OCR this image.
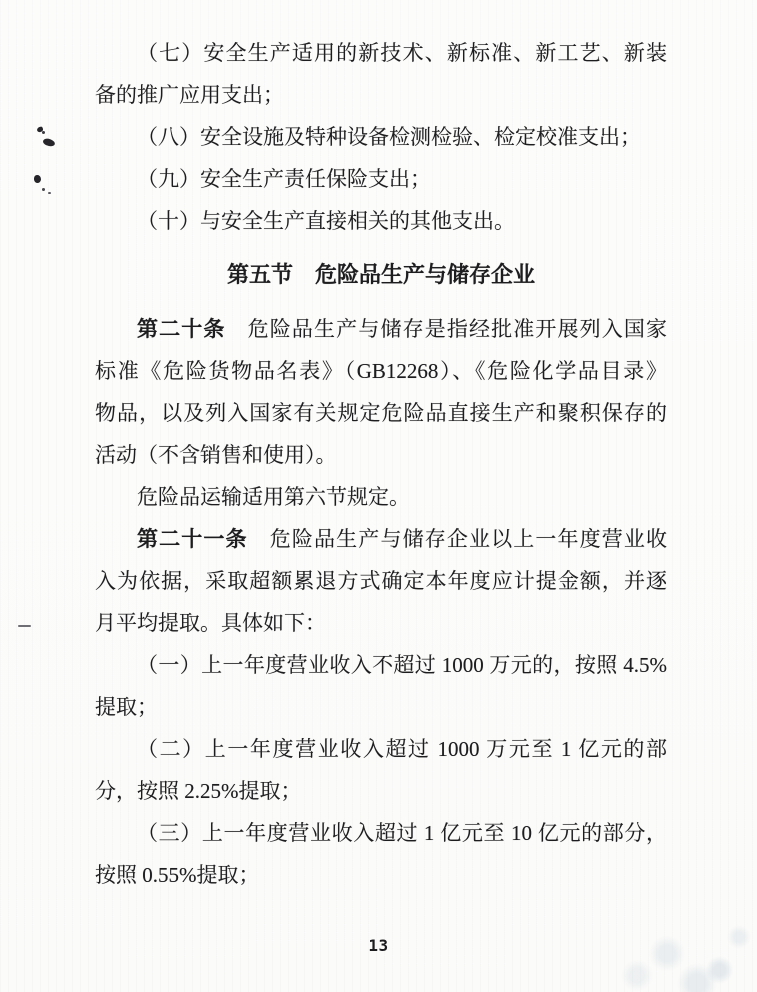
（七）安全生产适用的新技术、新标准、新工艺、新装
备的推广应用支出；
（八）安全设施及特种设备检测检验、检定校准支出；
（九）安全生产责任保险支出；
（十）与安全生产直接相关的其他支出。
第五节　危险品生产与储存企业
第二十条　危险品生产与储存是指经批准开展列入国家
标准《危险货物品名表》（GB12268）、《危险化学品目录》
物品，以及列入国家有关规定危险品直接生产和聚积保存的
活动（不含销售和使用）。
危险品运输适用第六节规定。
第二十一条　危险品生产与储存企业以上一年度营业收
入为依据，采取超额累退方式确定本年度应计提金额，并逐
月平均提取。具体如下：
（一）上一年度营业收入不超过 1000 万元的，按照 4.5%
提取；
（二）上一年度营业收入超过 1000 万元至 1 亿元的部
分，按照 2.25%提取；
（三）上一年度营业收入超过 1 亿元至 10 亿元的部分，
按照 0.55%提取；
13
